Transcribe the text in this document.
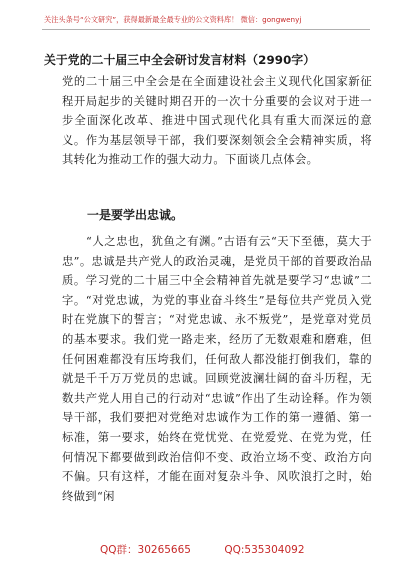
关注头条号“公文研究”，获得最新最全最专业的公文资料库！ 微信：gongwenyj
关于党的二十届三中全会研讨发言材料（2990字）
党的二十届三中全会是在全面建设社会主义现代化国家新征程开局起步的关键时期召开的一次十分重要的会议对于进一步全面深化改革、推进中国式现代化具有重大而深远的意义。作为基层领导干部，我们要深刻领会全会精神实质，将其转化为推动工作的强大动力。下面谈几点体会。
一是要学出忠诚。
“人之忠也，犹鱼之有渊。”古语有云“天下至德，莫大于忠”。忠诚是共产党人的政治灵魂，是党员干部的首要政治品质。学习党的二十届三中全会精神首先就是要学习“忠诚”二字。“对党忠诚，为党的事业奋斗终生”是每位共产党员入党时在党旗下的誓言；“对党忠诚、永不叛党”，是党章对党员的基本要求。我们党一路走来，经历了无数艰难和磨难，但任何困难都没有压垮我们，任何敌人都没能打倒我们，靠的就是千千万万党员的忠诚。回顾党波澜壮阔的奋斗历程，无数共产党人用自己的行动对“忠诚”作出了生动诠释。作为领导干部，我们要把对党绝对忠诚作为工作的第一遵循、第一标准，第一要求，始终在党忧党、在党爱党、在党为党，任何情况下都要做到政治信仰不变、政治立场不变、政治方向不偏。只有这样，才能在面对复杂斗争、风吹浪打之时，始终做到“闲
QQ群：30265665	QQ:535304092
